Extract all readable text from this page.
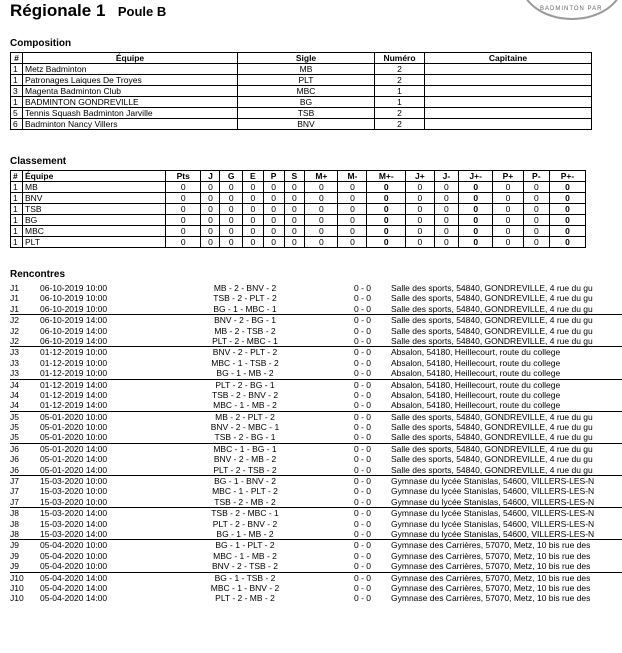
Régionale 1 Poule B	BADMINTON PAR
Composition
#	Équipe	Sigle	Numéro	Capitaine
1	Metz Badminton	MB	2	
1	Patronages Laiques De Troyes	PLT	2	
3	Magenta Badminton Club	MBC	1	
1	BADMINTON GONDREVILLE	BG	1	
5	Tennis Squash Badminton Jarville	TSB	2	
6	Badminton Nancy Villers	BNV	2	
Classement
#	Équipe	Pts	J	G	E	P	S	M+	M-	M+-	J+	J-	J+-	P+	P-	P+-
1	MB	0	0	0	0	0	0	0	0	0	0	0	0	0	0	0
1	BNV	0	0	0	0	0	0	0	0	0	0	0	0	0	0	0
1	TSB	0	0	0	0	0	0	0	0	0	0	0	0	0	0	0
1	BG	0	0	0	0	0	0	0	0	0	0	0	0	0	0	0
1	MBC	0	0	0	0	0	0	0	0	0	0	0	0	0	0	0
1	PLT	0	0	0	0	0	0	0	0	0	0	0	0	0	0	0
Rencontres
J1 06-10-2019 10:00	MB - 2 - BNV - 2	0 - 0 Salle des sports, 54840, GONDREVILLE, 4 rue du gu
J1 06-10-2019 10:00	TSB - 2 - PLT - 2	0 - 0 Salle des sports, 54840, GONDREVILLE, 4 rue du gu
J1 06-10-2019 10:00	BG - 1 - MBC - 1	0 - 0 Salle des sports, 54840, GONDREVILLE, 4 rue du gu
J2 06-10-2019 14:00	BNV - 2 - BG - 1	0 - 0 Salle des sports, 54840, GONDREVILLE, 4 rue du gu
J2 06-10-2019 14:00	MB - 2 - TSB - 2	0 - 0 Salle des sports, 54840, GONDREVILLE, 4 rue du gu
J2 06-10-2019 14:00	PLT - 2 - MBC - 1	0 - 0 Salle des sports, 54840, GONDREVILLE, 4 rue du gu
J3 01-12-2019 10:00	BNV - 2 - PLT - 2	0 - 0 Absalon, 54180, Heillecourt, route du college
J3 01-12-2019 10:00	MBC - 1 - TSB - 2	0 - 0 Absalon, 54180, Heillecourt, route du college
J3 01-12-2019 10:00	BG - 1 - MB - 2	0 - 0 Absalon, 54180, Heillecourt, route du college
J4 01-12-2019 14:00	PLT - 2 - BG - 1	0 - 0 Absalon, 54180, Heillecourt, route du college
J4 01-12-2019 14:00	TSB - 2 - BNV - 2	0 - 0 Absalon, 54180, Heillecourt, route du college
J4 01-12-2019 14:00	MBC - 1 - MB - 2	0 - 0 Absalon, 54180, Heillecourt, route du college
J5 05-01-2020 10:00	MB - 2 - PLT - 2	0 - 0 Salle des sports, 54840, GONDREVILLE, 4 rue du gu
J5 05-01-2020 10:00	BNV - 2 - MBC - 1	0 - 0 Salle des sports, 54840, GONDREVILLE, 4 rue du gu
J5 05-01-2020 10:00	TSB - 2 - BG - 1	0 - 0 Salle des sports, 54840, GONDREVILLE, 4 rue du gu
J6 05-01-2020 14:00	MBC - 1 - BG - 1	0 - 0 Salle des sports, 54840, GONDREVILLE, 4 rue du gu
J6 05-01-2020 14:00	BNV - 2 - MB - 2	0 - 0 Salle des sports, 54840, GONDREVILLE, 4 rue du gu
J6 05-01-2020 14:00	PLT - 2 - TSB - 2	0 - 0 Salle des sports, 54840, GONDREVILLE, 4 rue du gu
J7 15-03-2020 10:00	BG - 1 - BNV - 2	0 - 0 Gymnase du lycée Stanislas, 54600, VILLERS-LES-N
J7 15-03-2020 10:00	MBC - 1 - PLT - 2	0 - 0 Gymnase du lycée Stanislas, 54600, VILLERS-LES-N
J7 15-03-2020 10:00	TSB - 2 - MB - 2	0 - 0 Gymnase du lycée Stanislas, 54600, VILLERS-LES-N
J8 15-03-2020 14:00	TSB - 2 - MBC - 1	0 - 0 Gymnase du lycée Stanislas, 54600, VILLERS-LES-N
J8 15-03-2020 14:00	PLT - 2 - BNV - 2	0 - 0 Gymnase du lycée Stanislas, 54600, VILLERS-LES-N
J8 15-03-2020 14:00	BG - 1 - MB - 2	0 - 0 Gymnase du lycée Stanislas, 54600, VILLERS-LES-N
J9 05-04-2020 10:00	BG - 1 - PLT - 2	0 - 0 Gymnase des Carrières, 57070, Metz, 10 bis rue des
J9 05-04-2020 10:00	MBC - 1 - MB - 2	0 - 0 Gymnase des Carrières, 57070, Metz, 10 bis rue des
J9 05-04-2020 10:00	BNV - 2 - TSB - 2	0 - 0 Gymnase des Carrières, 57070, Metz, 10 bis rue des
J10 05-04-2020 14:00	BG - 1 - TSB - 2	0 - 0 Gymnase des Carrières, 57070, Metz, 10 bis rue des
J10 05-04-2020 14:00	MBC - 1 - BNV - 2	0 - 0 Gymnase des Carrières, 57070, Metz, 10 bis rue des
J10 05-04-2020 14:00	PLT - 2 - MB - 2	0 - 0 Gymnase des Carrières, 57070, Metz, 10 bis rue des
